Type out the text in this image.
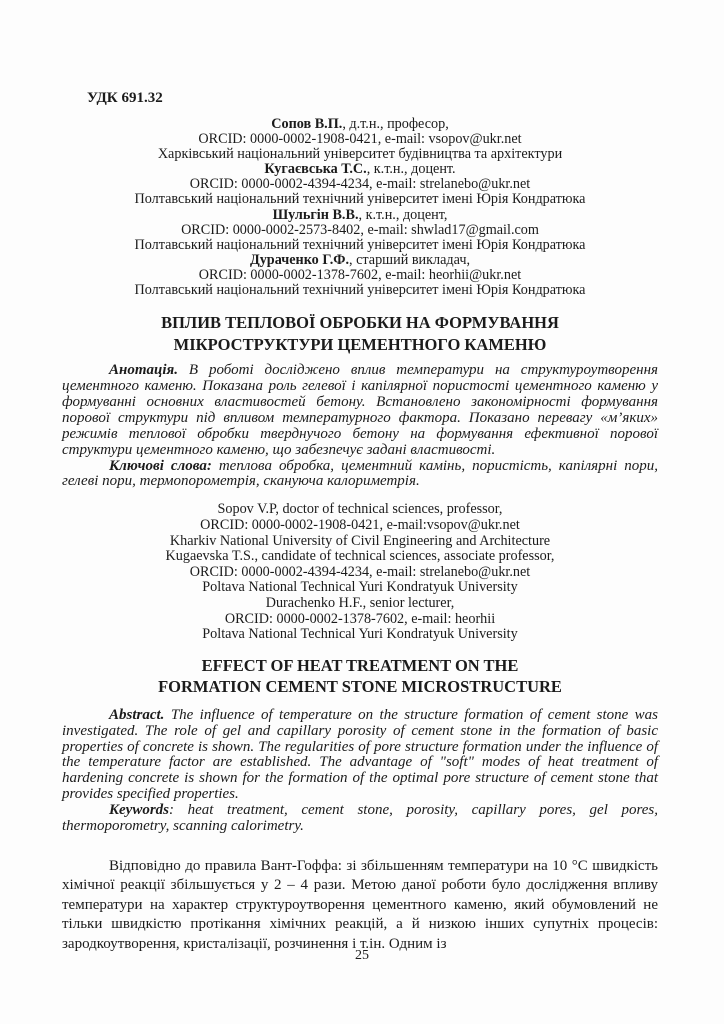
УДК 691.32
Сопов В.П., д.т.н., професор,
ORCID: 0000-0002-1908-0421, e-mail: vsopov@ukr.net
Харківський національний університет будівництва та архітектури
Кугаєвська Т.С., к.т.н., доцент.
ORCID: 0000-0002-4394-4234, e-mail: strelanebo@ukr.net
Полтавський національний технічний університет імені Юрія Кондратюка
Шульгін В.В., к.т.н., доцент,
ORCID: 0000-0002-2573-8402, e-mail: shwlad17@gmail.com
Полтавський національний технічний університет імені Юрія Кондратюка
Дураченко Г.Ф., старший викладач,
ORCID: 0000-0002-1378-7602, e-mail: heorhii@ukr.net
Полтавський національний технічний університет імені Юрія Кондратюка
ВПЛИВ ТЕПЛОВОЇ ОБРОБКИ НА ФОРМУВАННЯ
МІКРОСТРУКТУРИ ЦЕМЕНТНОГО КАМЕНЮ

Анотація. В роботі досліджено вплив температури на структуроутворення цементного каменю. Показана роль гелевої і капілярної пористості цементного каменю у формуванні основних властивостей бетону. Встановлено закономірності формування порової структури під впливом температурного фактора. Показано перевагу «м’яких» режимів теплової обробки тверднучого бетону на формування ефективної порової структури цементного каменю, що забезпечує задані властивості.

Ключові слова: теплова обробка, цементний камінь, пористість, капілярні пори, гелеві пори, термопорометрія, скануюча калориметрія.

Sopov V.P, doctor of technical sciences, professor,
ORCID: 0000-0002-1908-0421, e-mail:vsopov@ukr.net
Kharkiv National University of Civil Engineering and Architecture
Kugaevska T.S., candidate of technical sciences, associate professor,
ORCID: 0000-0002-4394-4234, e-mail: strelanebo@ukr.net
Poltava National Technical Yuri Kondratyuk University
Durachenko H.F., senior lecturer,
ORCID: 0000-0002-1378-7602, e-mail: heorhii
Poltava National Technical Yuri Kondratyuk University
EFFECT OF HEAT TREATMENT ON THE
FORMATION CEMENT STONE MICROSTRUCTURE

Abstract. The influence of temperature on the structure formation of cement stone was investigated. The role of gel and capillary porosity of cement stone in the formation of basic properties of concrete is shown. The regularities of pore structure formation under the influence of the temperature factor are established. The advantage of "soft" modes of heat treatment of hardening concrete is shown for the formation of the optimal pore structure of cement stone that provides specified properties.

Keywords: heat treatment, cement stone, porosity, capillary pores, gel pores, thermoporometry, scanning calorimetry.

Відповідно до правила Вант-Гоффа: зі збільшенням температури на 10 °С швидкість хімічної реакції збільшується у 2 – 4 рази. Метою даної роботи було дослідження впливу температури на характер структуроутворення цементного каменю, який обумовлений не тільки швидкістю протікання хімічних реакцій, а й низкою інших супутніх процесів: зародкоутворення, кристалізації, розчинення і т.ін. Одним із

25
